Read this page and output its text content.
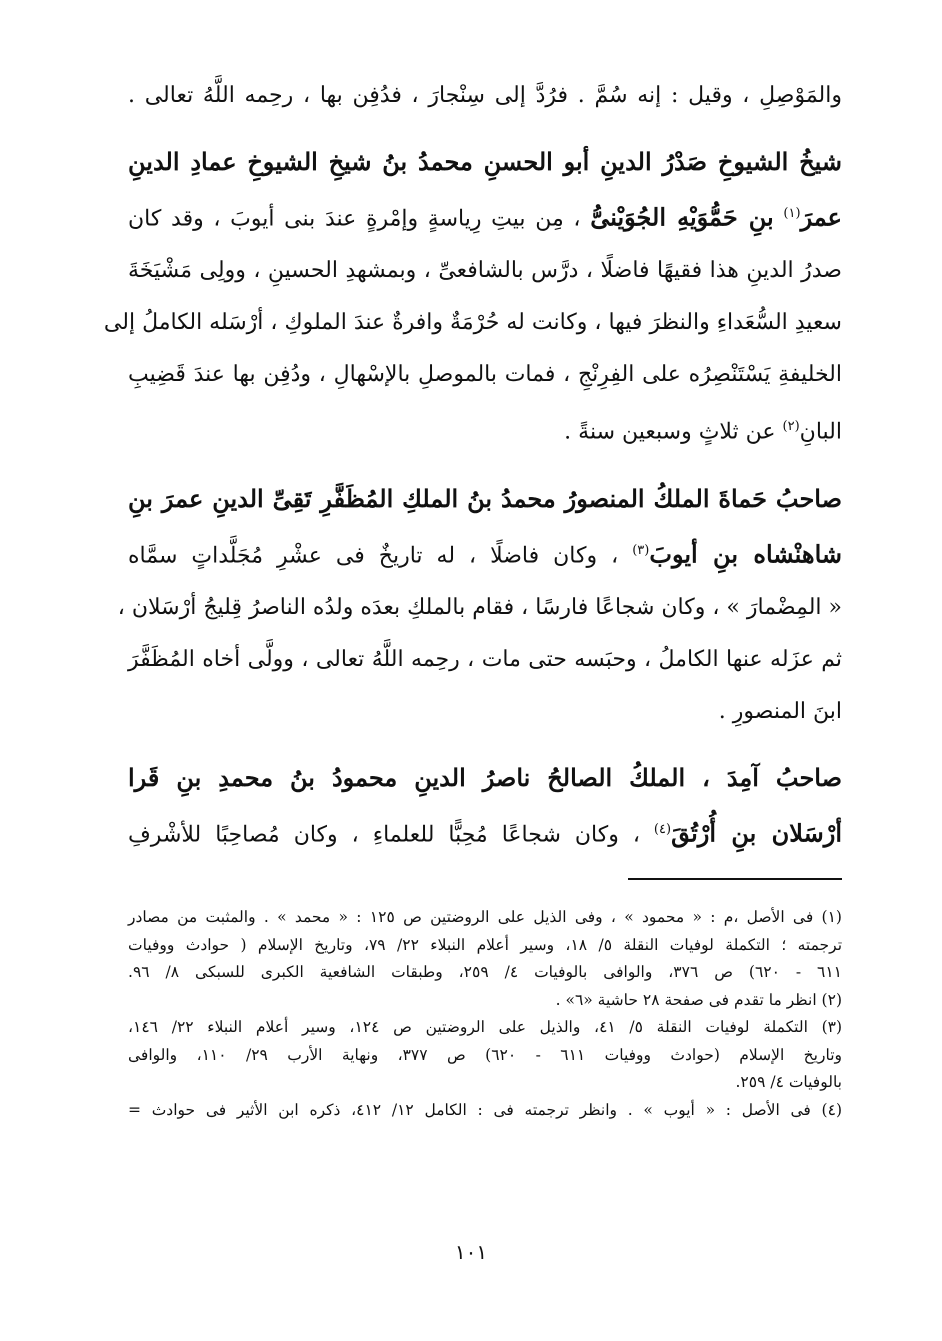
والمَوْصِلِ ، وقيل : إنه سُمَّ . فرُدَّ إلى سِنْجارَ ، فدُفِن بها ، رحِمه اللَّهُ تعالى .
شيخُ الشيوخِ صَدْرُ الدينِ أبو الحسنِ محمدُ بنُ شيخِ الشيوخِ عمادِ الدينِ
عمرَ$^{(١)}$ بنِ حَمُّوَيْهِ الجُوَيْنىُّ ، مِن بيتِ رِياسةٍ وإمْرةٍ عندَ بنى أيوبَ ، وقد كان
صدرُ الدينِ هذا فقيهًا فاضلًا ، درَّس بالشافعىِّ ، وبمشهدِ الحسينِ ، وولِى مَشْيَخَةَ
سعيدِ السُّعَداءِ والنظرَ فيها ، وكانت له حُرْمَةٌ وافرةٌ عندَ الملوكِ ، أرْسَله الكاملُ إلى
الخليفةِ يَسْتَنْصِرُه على الفِرِنْجِ ، فمات بالموصلِ بالإسْهالِ ، ودُفِن بها عندَ قَضِيبِ
البانِ$^{(٢)}$ عن ثلاثٍ وسبعين سنةً .
صاحبُ حَماةَ الملكُ المنصورُ محمدُ بنُ الملكِ المُظَفَّرِ تَقِىِّ الدينِ عمرَ بنِ
شاهنْشاه بنِ أيوبَ$^{(٣)}$ ، وكان فاضلًا ، له تاريخٌ فى عشْرِ مُجَلَّداتٍ سمَّاه
« المِضْمارَ » ، وكان شجاعًا فارسًا ، فقام بالملكِ بعدَه ولدُه الناصرُ قِليجُ أرْسَلان ،
ثم عزَله عنها الكاملُ ، وحبَسه حتى مات ، رحِمه اللَّهُ تعالى ، وولَّى أخاه المُظَفَّرَ
ابنَ المنصورِ .
صاحبُ آمِدَ ، الملكُ الصالحُ ناصرُ الدينِ محمودُ بنُ محمدِ بنِ قَرا
أرْسَلان بنِ أُرْتُقَ$^{(٤)}$ ، وكان شجاعًا مُحِبًّا للعلماءِ ، وكان مُصاحِبًا للأشْرفِ
(١) فى الأصل ،م : « محمود » ، وفى الذيل على الروضتين ص ١٢٥ : « محمد » . والمثبت من مصادر
ترجمته ؛ التكملة لوفيات النقلة ٥/ ١٨، وسير أعلام النبلاء ٢٢/ ٧٩، وتاريخ الإسلام ( حوادث ووفيات
٦١١ - ٦٢٠) ص ٣٧٦، والوافى بالوفيات ٤/ ٢٥٩، وطبقات الشافعية الكبرى للسبكى ٨/ ٩٦.
(٢) انظر ما تقدم فى صفحة ٢٨ حاشية «٦» .
(٣) التكملة لوفيات النقلة ٥/ ٤١، والذيل على الروضتين ص ١٢٤، وسير أعلام النبلاء ٢٢/ ١٤٦،
وتاريخ الإسلام (حوادث ووفيات ٦١١ - ٦٢٠) ص ٣٧٧، ونهاية الأرب ٢٩/ ١١٠، والوافى
بالوفيات ٤/ ٢٥٩.
(٤) فى الأصل : « أيوب » . وانظر ترجمته فى : الكامل ١٢/ ٤١٢، ذكره ابن الأثير فى حوادث =
١٠١
